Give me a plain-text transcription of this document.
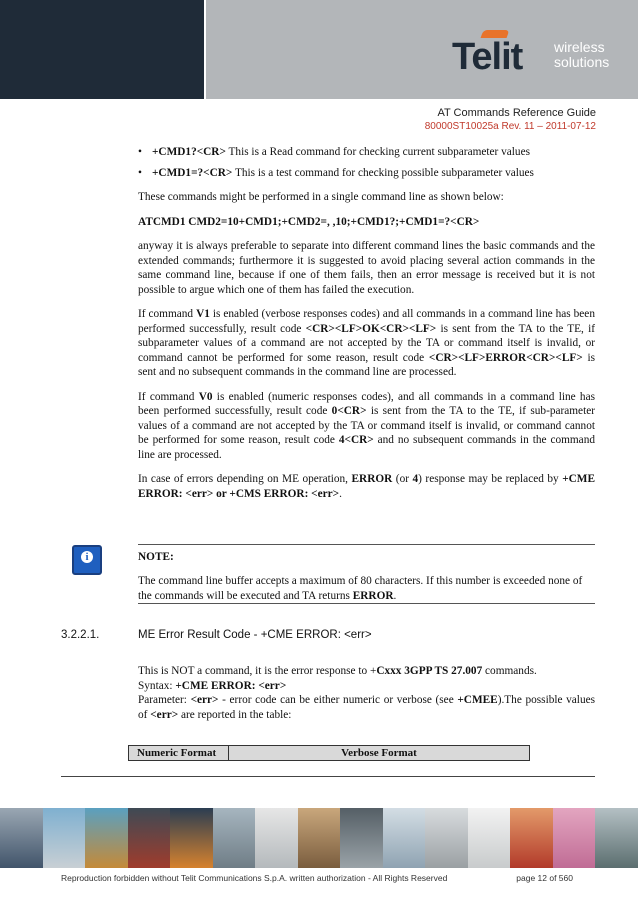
Telit wireless
solutions
AT Commands Reference Guide
80000ST10025a Rev. 11 – 2011-07-12

• +CMD1?<CR> This is a Read command for checking current subparameter values

• +CMD1=?<CR> This is a test command for checking possible subparameter values

These commands might be performed in a single command line as shown below:

ATCMD1 CMD2=10+CMD1;+CMD2=, ,10;+CMD1?;+CMD1=?<CR>

anyway it is always preferable to separate into different command lines the basic commands and the extended commands; furthermore it is suggested to avoid placing several action commands in the same command line, because if one of them fails, then an error message is received but it is not possible to argue which one of them has failed the execution.

If command V1 is enabled (verbose responses codes) and all commands in a command line has been performed successfully, result code <CR><LF>OK<CR><LF> is sent from the TA to the TE, if subparameter values of a command are not accepted by the TA or command itself is invalid, or command cannot be performed for some reason, result code <CR><LF>ERROR<CR><LF> is sent and no subsequent commands in the command line are processed.

If command V0 is enabled (numeric responses codes), and all commands in a command line has been performed successfully, result code 0<CR> is sent from the TA to the TE, if sub-parameter values of a command are not accepted by the TA or command itself is invalid, or command cannot be performed for some reason, result code 4<CR> and no subsequent commands in the command line are processed.

In case of errors depending on ME operation, ERROR (or 4) response may be replaced by +CME ERROR: <err> or +CMS ERROR: <err>.

i	NOTE:
The command line buffer accepts a maximum of 80 characters. If this number is exceeded none of the commands will be executed and TA returns ERROR.
3.2.2.1.	ME Error Result Code - +CME ERROR: <err>
This is NOT a command, it is the error response to +Cxxx 3GPP TS 27.007 commands.
Syntax: +CME ERROR: <err>
Parameter: <err> - error code can be either numeric or verbose (see +CMEE).The possible values of <err> are reported in the table:
Numeric Format	Verbose Format
Reproduction forbidden without Telit Communications S.p.A. written authorization - All Rights Reserved	page 12 of 560
